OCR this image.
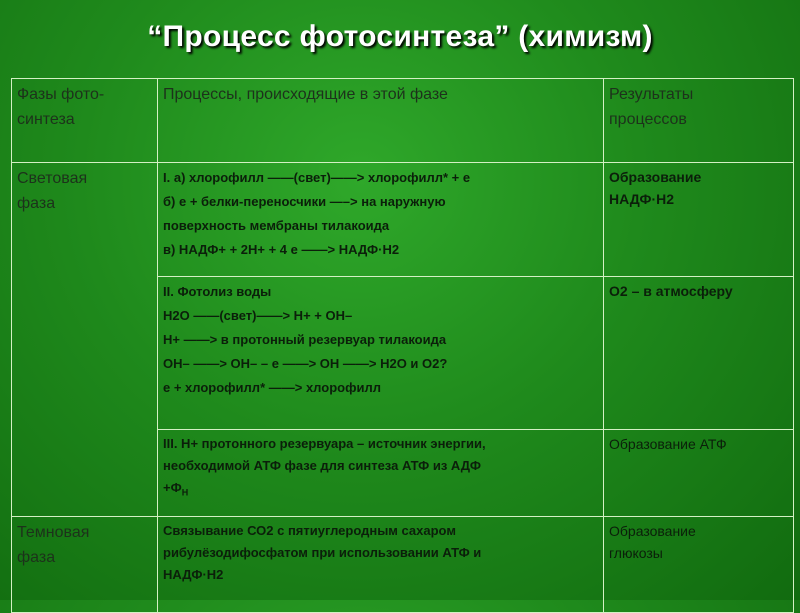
“Процесс фотосинтеза” (химизм)
Фазы фото-
синтеза	Процессы, происходящие в этой фазе	Результаты
процессов

Световая
фаза	I. а) хлорофилл ——(свет)——> хлорофилл* + е
б) е + белки-переносчики —–> на наружную
поверхность мембраны тилакоида
в) НАДФ+ + 2Н+ + 4 е ——> НАДФ·Н2	Образование
НАДФ·Н2

	II. Фотолиз воды
Н2О ——(свет)——> Н+ + ОН–
Н+ ——> в протонный резервуар тилакоида
ОН– ——> ОН– – е ——> ОН ——> Н2О и О2?
е + хлорофилл* ——> хлорофилл	О2 – в атмосферу

	III. Н+ протонного резервуара – источник энергии,
необходимой АТФ фазе для синтеза АТФ из АДФ
$+Ф_Н$	Образование АТФ

Темновая
фаза	Связывание СО2 с пятиуглеродным сахаром
рибулёзодифосфатом при использовании АТФ и
НАДФ·Н2	Образование
глюкозы
